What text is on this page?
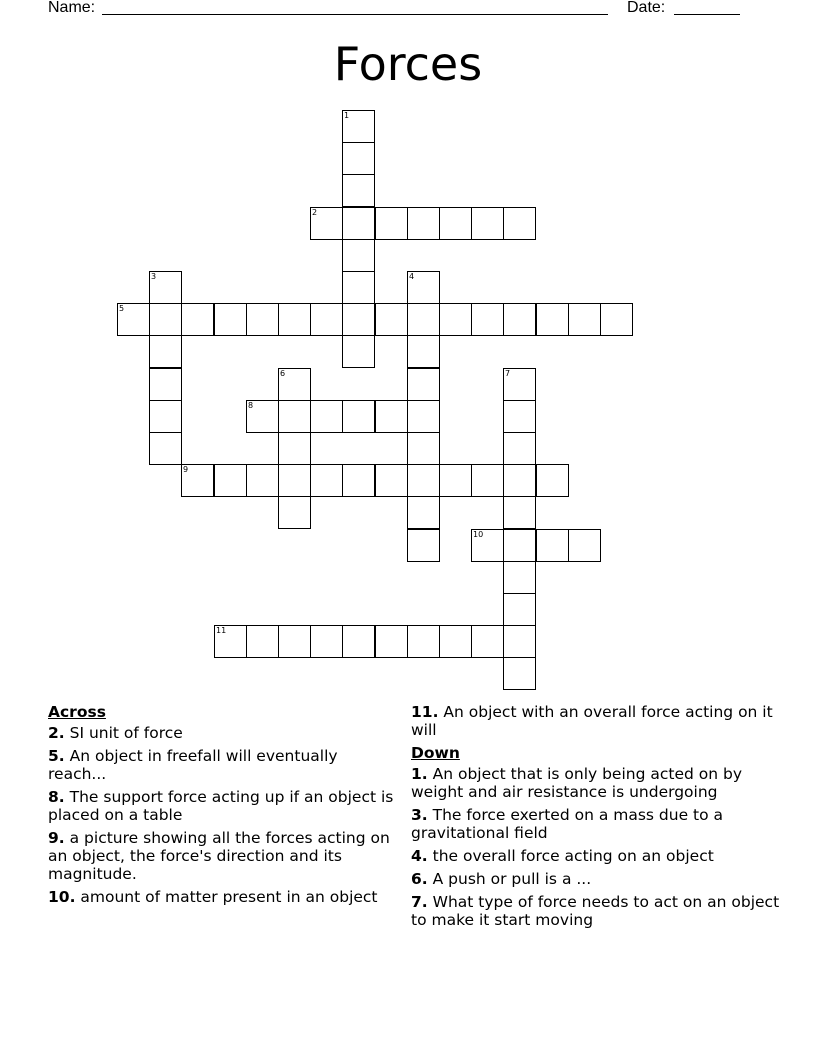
Name:	Date:
Forces
1
2
3	4
5
6	7
8
9
10
11
Across
2. SI unit of force
5. An object in freefall will eventually reach...
8. The support force acting up if an object is placed on a table
9. a picture showing all the forces acting on an object, the force's direction and its magnitude.
10. amount of matter present in an object
11. An object with an overall force acting on it will
Down
1. An object that is only being acted on by weight and air resistance is undergoing
3. The force exerted on a mass due to a gravitational field
4. the overall force acting on an object
6. A push or pull is a ...
7. What type of force needs to act on an object to make it start moving
